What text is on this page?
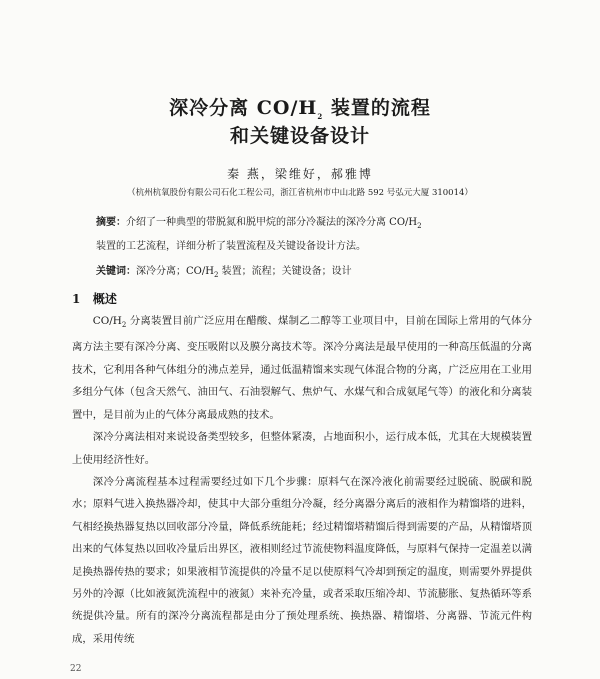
深冷分离 $CO/H_2$ 装置的流程
和关键设备设计
秦 燕，梁维好，郝雅博
（杭州杭氧股份有限公司石化工程公司，浙江省杭州市中山北路 592 号弘元大厦 310014）
摘要：介绍了一种典型的带脱氮和脱甲烷的部分冷凝法的深冷分离 $CO/H_2$
装置的工艺流程，详细分析了装置流程及关键设备设计方法。
关键词：深冷分离；$CO/H_2$ 装置；流程；关键设备；设计
1 概述

$CO/H_2$ 分离装置目前广泛应用在醋酸、煤制乙二醇等工业项目中，目前在国际上常用的气体分离方法主要有深冷分离、变压吸附以及膜分离技术等。深冷分离法是最早使用的一种高压低温的分离技术，它利用各种气体组分的沸点差异，通过低温精馏来实现气体混合物的分离，广泛应用在工业用多组分气体（包含天然气、油田气、石油裂解气、焦炉气、水煤气和合成氨尾气等）的液化和分离装置中，是目前为止的气体分离最成熟的技术。

深冷分离法相对来说设备类型较多，但整体紧凑，占地面积小，运行成本低，尤其在大规模装置上使用经济性好。

深冷分离流程基本过程需要经过如下几个步骤：原料气在深冷液化前需要经过脱硫、脱碳和脱水；原料气进入换热器冷却，使其中大部分重组分冷凝，经分离器分离后的液相作为精馏塔的进料，气相经换热器复热以回收部分冷量，降低系统能耗；经过精馏塔精馏后得到需要的产品，从精馏塔顶出来的气体复热以回收冷量后出界区，液相则经过节流使物料温度降低，与原料气保持一定温差以满足换热器传热的要求；如果液相节流提供的冷量不足以使原料气冷却到预定的温度，则需要外界提供另外的冷源（比如液氮洗流程中的液氮）来补充冷量，或者采取压缩冷却、节流膨胀、复热循环等系统提供冷量。所有的深冷分离流程都是由分了预处理系统、换热器、精馏塔、分离器、节流元件构成，采用传统

22
